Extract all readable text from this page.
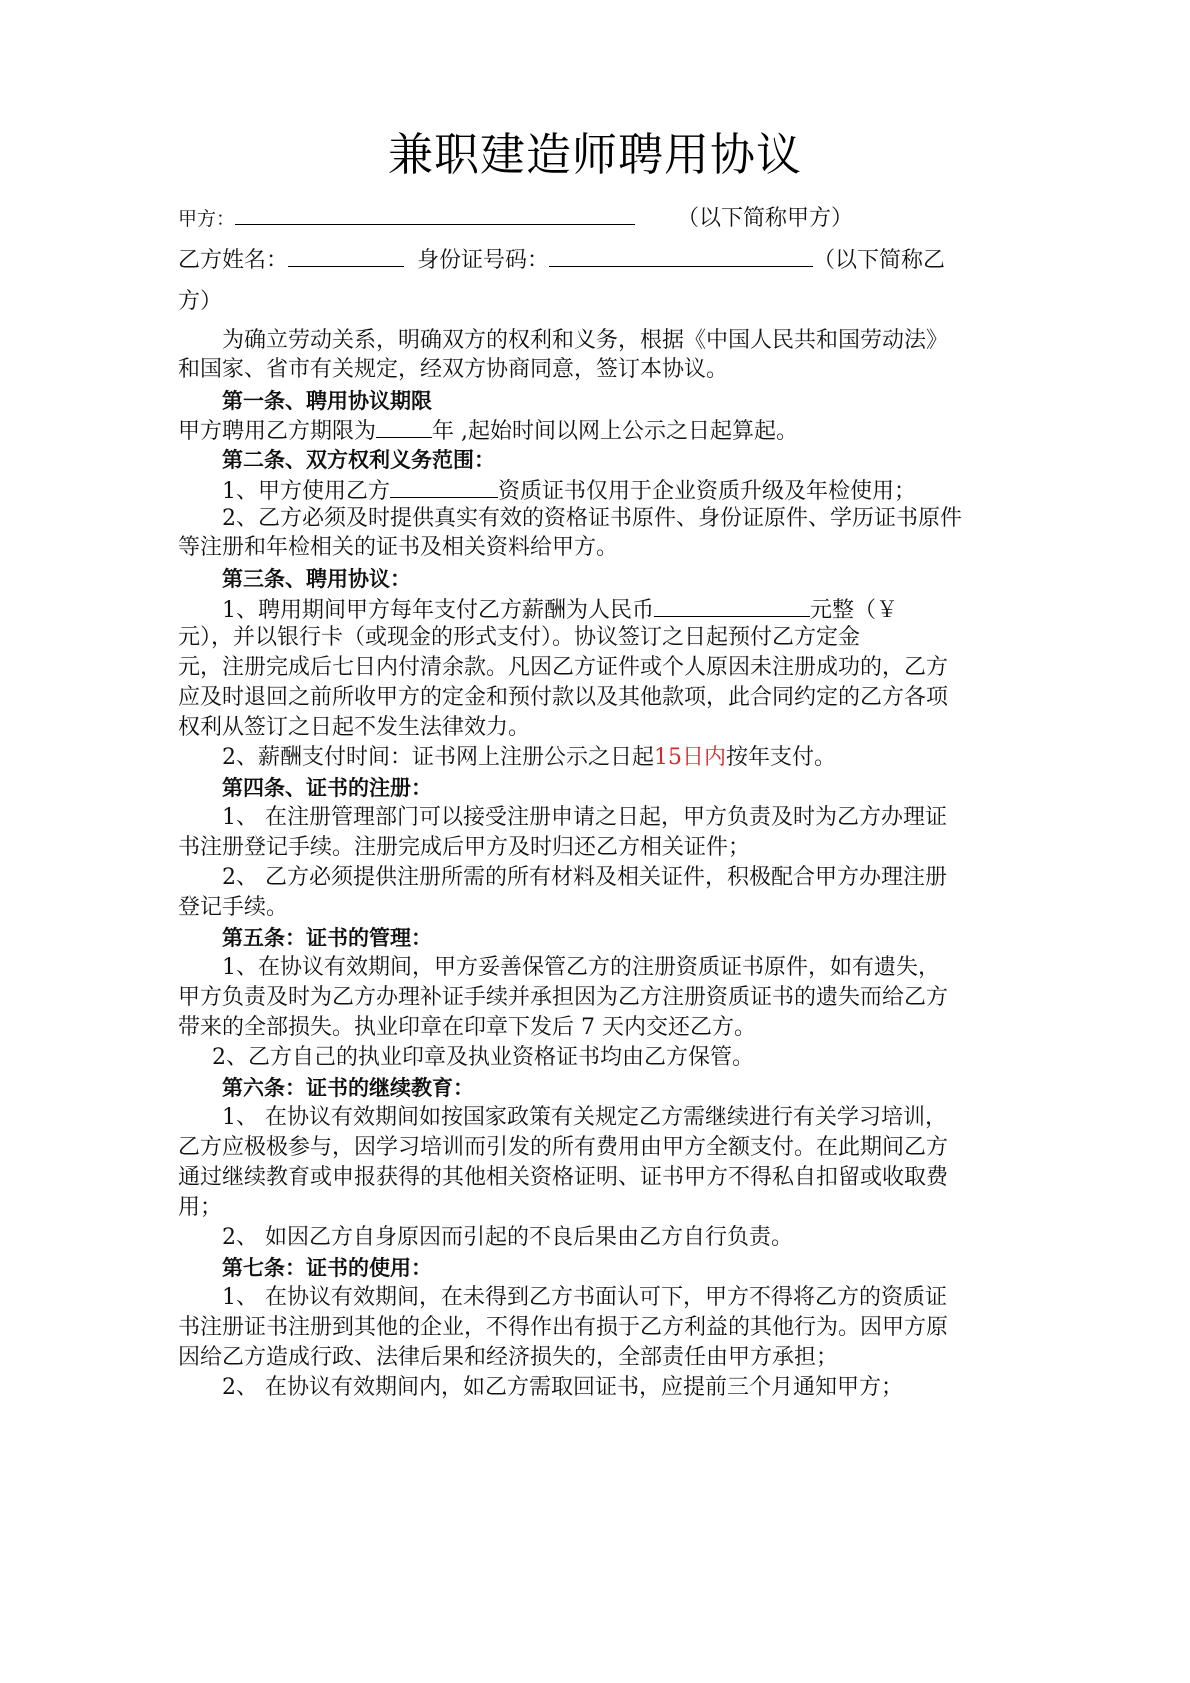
兼职建造师聘用协议
甲方：	（以下简称甲方）
乙方姓名：	身份证号码：	（以下简称乙
方）
为确立劳动关系，明确双方的权利和义务，根据《中国人民共和国劳动法》
和国家、省市有关规定，经双方协商同意，签订本协议。
第一条、聘用协议期限
甲方聘用乙方期限为	年 ,起始时间以网上公示之日起算起。
第二条、双方权利义务范围：
1、甲方使用乙方	资质证书仅用于企业资质升级及年检使用；
2、乙方必须及时提供真实有效的资格证书原件、身份证原件、学历证书原件
等注册和年检相关的证书及相关资料给甲方。
第三条、聘用协议：
1、聘用期间甲方每年支付乙方薪酬为人民币	元整（￥
元），并以银行卡（或现金的形式支付）。协议签订之日起预付乙方定金
元，注册完成后七日内付清余款。凡因乙方证件或个人原因未注册成功的，乙方
应及时退回之前所收甲方的定金和预付款以及其他款项，此合同约定的乙方各项
权利从签订之日起不发生法律效力。
2、薪酬支付时间：证书网上注册公示之日起15日内按年支付。
第四条、证书的注册：
1、 在注册管理部门可以接受注册申请之日起，甲方负责及时为乙方办理证
书注册登记手续。注册完成后甲方及时归还乙方相关证件；
2、 乙方必须提供注册所需的所有材料及相关证件，积极配合甲方办理注册
登记手续。
第五条：证书的管理：
1、在协议有效期间，甲方妥善保管乙方的注册资质证书原件，如有遗失，
甲方负责及时为乙方办理补证手续并承担因为乙方注册资质证书的遗失而给乙方
带来的全部损失。执业印章在印章下发后 7 天内交还乙方。
2、乙方自己的执业印章及执业资格证书均由乙方保管。
第六条：证书的继续教育：
1、 在协议有效期间如按国家政策有关规定乙方需继续进行有关学习培训，
乙方应极极参与，因学习培训而引发的所有费用由甲方全额支付。在此期间乙方
通过继续教育或申报获得的其他相关资格证明、证书甲方不得私自扣留或收取费
用；
2、 如因乙方自身原因而引起的不良后果由乙方自行负责。
第七条：证书的使用：
1、 在协议有效期间，在未得到乙方书面认可下，甲方不得将乙方的资质证
书注册证书注册到其他的企业，不得作出有损于乙方利益的其他行为。因甲方原
因给乙方造成行政、法律后果和经济损失的，全部责任由甲方承担；
2、 在协议有效期间内，如乙方需取回证书，应提前三个月通知甲方；
